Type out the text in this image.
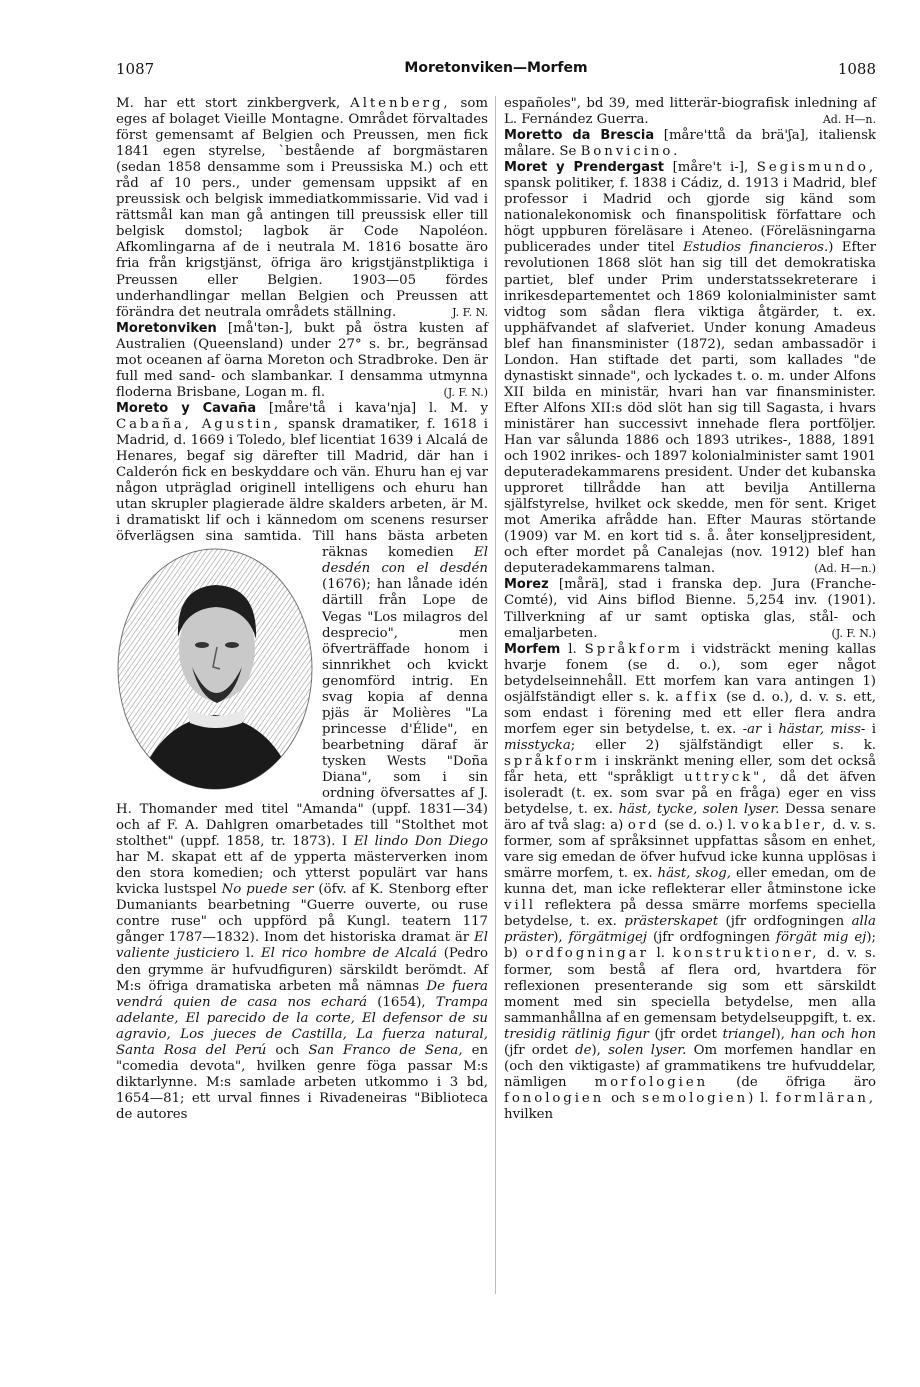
1087	Moretonviken—Morfem	1088

M. har ett stort zinkbergverk, Altenberg, som eges af bolaget Vieille Montagne. Området förvaltades först gemensamt af Belgien och Preussen, men fick 1841 egen styrelse, `bestående af borgmästaren (sedan 1858 densamme som i Preussiska M.) och ett råd af 10 pers., under gemensam uppsikt af en preussisk och belgisk immediatkommissarie. Vid vad i rättsmål kan man gå antingen till preussisk eller till belgisk domstol; lagbok är Code Napoléon. Afkomlingarna af de i neutrala M. 1816 bosatte äro fria från krigstjänst, öfriga äro krigstjänstpliktiga i Preussen eller Belgien. 1903—05 fördes underhandlingar mellan Belgien och Preussen att förändra det neutrala områdets ställning.	J. F. N.

Moretonviken [må'tən-], bukt på östra kusten af Australien (Queensland) under 27° s. br., begränsad mot oceanen af öarna Moreton och Stradbroke. Den är full med sand- och slambankar. I densamma utmynna floderna Brisbane, Logan m. fl.	(J. F. N.)

Moreto y Cavaña [måre'tå i kava'nja] l. M. y Cabaña, Agustin, spansk dramatiker, f. 1618 i Madrid, d. 1669 i Toledo, blef licentiat 1639 i Alcalá de Henares, begaf sig därefter till Madrid, där han i Calderón fick en beskyddare och vän. Ehuru han ej var någon utpräglad originell intelligens och ehuru han utan skrupler plagierade äldre skalders arbeten, är M. i dramatiskt lif och i kännedom om scenens resurser öfverlägsen sina samtida. Till hans bästa arbeten räknas komedien El desdén con el desdén (1676); han lånade idén därtill från Lope de Vegas "Los milagros del desprecio", men öfverträffade honom i sinnrikhet och kvickt genomförd intrig. En svag kopia af denna pjäs är Molières "La princesse d'Élide", en bearbetning däraf är tysken Wests "Doña Diana", som i sin ordning öfversattes af J. H. Thomander med titel "Amanda" (uppf. 1831—34) och af F. A. Dahlgren omarbetades till "Stolthet mot stolthet" (uppf. 1858, tr. 1873). I El lindo Don Diego har M. skapat ett af de ypperta mästerverken inom den stora komedien; och ytterst populärt var hans kvicka lustspel No puede ser (öfv. af K. Stenborg efter Dumaniants bearbetning "Guerre ouverte, ou ruse contre ruse" och uppförd på Kungl. teatern 117 gånger 1787—1832). Inom det historiska dramat är El valiente justiciero l. El rico hombre de Alcalá (Pedro den grymme är hufvudfiguren) särskildt berömdt. Af M:s öfriga dramatiska arbeten må nämnas De fuera vendrá quien de casa nos echará (1654), Trampa adelante, El parecido de la corte, El defensor de su agravio, Los jueces de Castilla, La fuerza natural, Santa Rosa del Perú och San Franco de Sena, en "comedia devota", hvilken genre föga passar M:s diktarlynne. M:s samlade arbeten utkommo i 3 bd, 1654—81; ett urval finnes i Rivadeneiras "Biblioteca de autores

españoles", bd 39, med litterär-biografisk inledning af L. Fernández Guerra.	Ad. H—n.

Moretto da Brescia [måre'ttå da brä'ʃa], italiensk målare. Se Bonvicino.

Moret y Prendergast [måre't i-], Segismundo, spansk politiker, f. 1838 i Cádiz, d. 1913 i Madrid, blef professor i Madrid och gjorde sig känd som nationalekonomisk och finanspolitisk författare och högt uppburen föreläsare i Ateneo. (Föreläsningarna publicerades under titel Estudios financieros.) Efter revolutionen 1868 slöt han sig till det demokratiska partiet, blef under Prim understatssekreterare i inrikesdepartementet och 1869 kolonialminister samt vidtog som sådan flera viktiga åtgärder, t. ex. upphäfvandet af slafveriet. Under konung Amadeus blef han finansminister (1872), sedan ambassadör i London. Han stiftade det parti, som kallades "de dynastiskt sinnade", och lyckades t. o. m. under Alfons XII bilda en ministär, hvari han var finansminister. Efter Alfons XII:s död slöt han sig till Sagasta, i hvars ministärer han successivt innehade flera portföljer. Han var sålunda 1886 och 1893 utrikes-, 1888, 1891 och 1902 inrikes- och 1897 kolonialminister samt 1901 deputeradekammarens president. Under det kubanska upproret tillrådde han att bevilja Antillerna själfstyrelse, hvilket ock skedde, men för sent. Kriget mot Amerika afrådde han. Efter Mauras störtande (1909) var M. en kort tid s. å. åter konseljpresident, och efter mordet på Canalejas (nov. 1912) blef han deputeradekammarens talman.	(Ad. H—n.)

Morez [mårä], stad i franska dep. Jura (Franche-Comté), vid Ains biflod Bienne. 5,254 inv. (1901). Tillverkning af ur samt optiska glas, stål- och emaljarbeten.	(J. F. N.)

Morfem l. Språkform i vidsträckt mening kallas hvarje fonem (se d. o.), som eger något betydelseinnehåll. Ett morfem kan vara antingen 1) osjälfständigt eller s. k. affix (se d. o.), d. v. s. ett, som endast i förening med ett eller flera andra morfem eger sin betydelse, t. ex. -ar i hästar, miss- i misstycka; eller 2) själfständigt eller s. k. språkform i inskränkt mening eller, som det också får heta, ett "språkligt uttryck", då det äfven isoleradt (t. ex. som svar på en fråga) eger en viss betydelse, t. ex. häst, tycke, solen lyser. Dessa senare äro af två slag: a) ord (se d. o.) l. vokabler, d. v. s. former, som af språksinnet uppfattas såsom en enhet, vare sig emedan de öfver hufvud icke kunna upplösas i smärre morfem, t. ex. häst, skog, eller emedan, om de kunna det, man icke reflekterar eller åtminstone icke vill reflektera på dessa smärre morfems speciella betydelse, t. ex. prästerskapet (jfr ordfogningen alla präster), förgätmigej (jfr ordfogningen förgät mig ej); b) ordfogningar l. konstruktioner, d. v. s. former, som bestå af flera ord, hvartdera för reflexionen presenterande sig som ett särskildt moment med sin speciella betydelse, men alla sammanhållna af en gemensam betydelseuppgift, t. ex. tresidig rätlinig figur (jfr ordet triangel), han och hon (jfr ordet de), solen lyser. Om morfemen handlar en (och den viktigaste) af grammatikens tre hufvuddelar, nämligen morfologien (de öfriga äro fonologien och semologien) l. formläran, hvilken
